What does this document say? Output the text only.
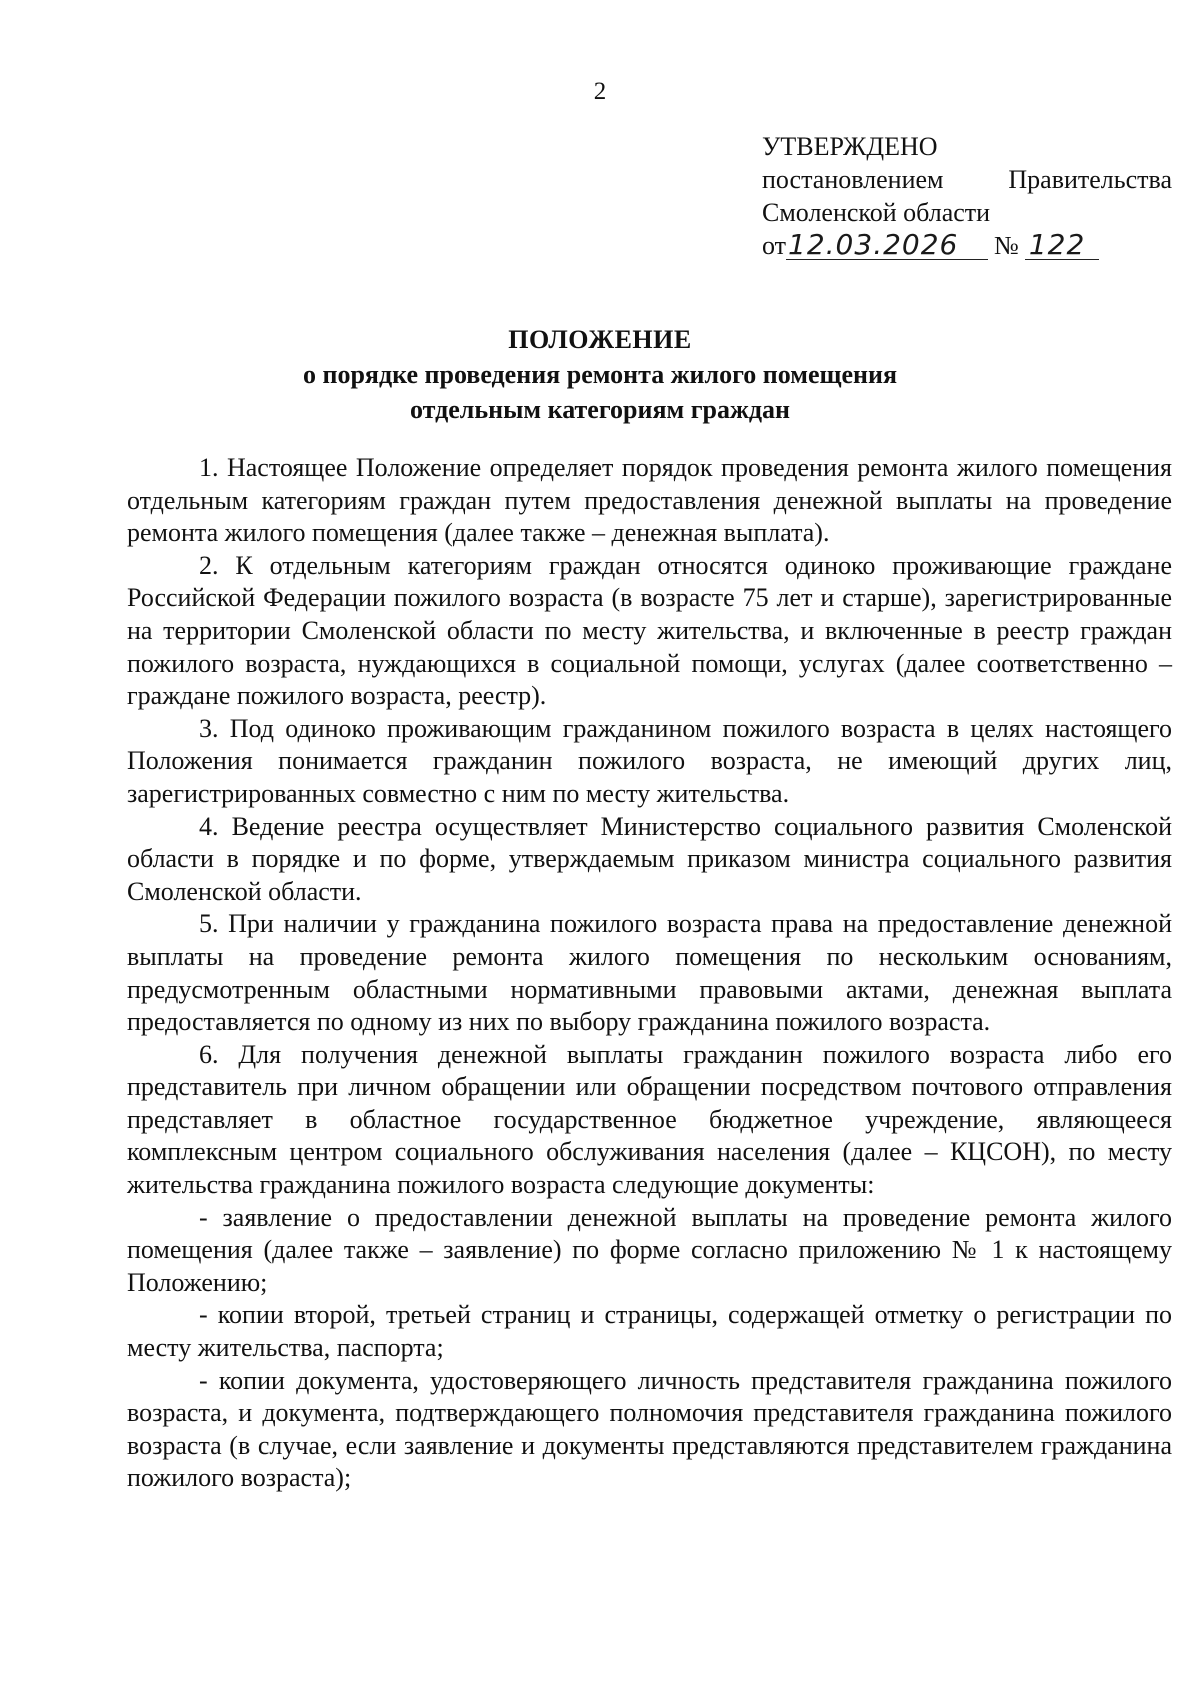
2
УТВЕРЖДЕНО
постановлением Правительства
Смоленской области
от 12.03.2026	№ 122
ПОЛОЖЕНИЕ
о порядке проведения ремонта жилого помещения
отдельным категориям граждан

1. Настоящее Положение определяет порядок проведения ремонта жилого помещения отдельным категориям граждан путем предоставления денежной выплаты на проведение ремонта жилого помещения (далее также – денежная выплата).

2. К отдельным категориям граждан относятся одиноко проживающие граждане Российской Федерации пожилого возраста (в возрасте 75 лет и старше), зарегистрированные на территории Смоленской области по месту жительства, и включенные в реестр граждан пожилого возраста, нуждающихся в социальной помощи, услугах (далее соответственно – граждане пожилого возраста, реестр).

3. Под одиноко проживающим гражданином пожилого возраста в целях настоящего Положения понимается гражданин пожилого возраста, не имеющий других лиц, зарегистрированных совместно с ним по месту жительства.

4. Ведение реестра осуществляет Министерство социального развития Смоленской области в порядке и по форме, утверждаемым приказом министра социального развития Смоленской области.

5. При наличии у гражданина пожилого возраста права на предоставление денежной выплаты на проведение ремонта жилого помещения по нескольким основаниям, предусмотренным областными нормативными правовыми актами, денежная выплата предоставляется по одному из них по выбору гражданина пожилого возраста.

6. Для получения денежной выплаты гражданин пожилого возраста либо его представитель при личном обращении или обращении посредством почтового отправления представляет в областное государственное бюджетное учреждение, являющееся комплексным центром социального обслуживания населения (далее – КЦСОН), по месту жительства гражданина пожилого возраста следующие документы:

- заявление о предоставлении денежной выплаты на проведение ремонта жилого помещения (далее также – заявление) по форме согласно приложению № 1 к настоящему Положению;

- копии второй, третьей страниц и страницы, содержащей отметку о регистрации по месту жительства, паспорта;

- копии документа, удостоверяющего личность представителя гражданина пожилого возраста, и документа, подтверждающего полномочия представителя гражданина пожилого возраста (в случае, если заявление и документы представляются представителем гражданина пожилого возраста);
